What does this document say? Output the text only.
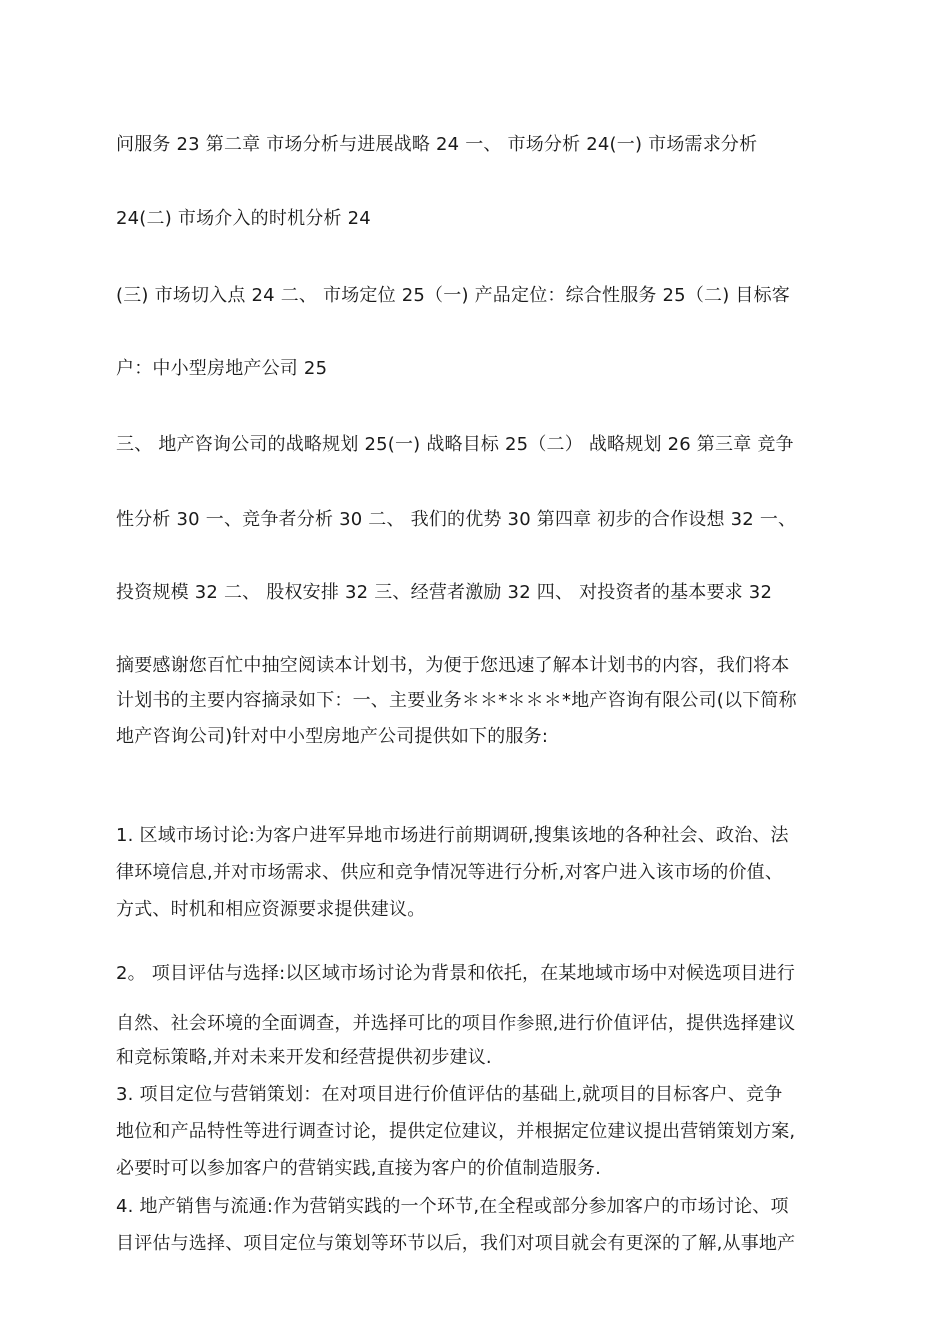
问服务 23 第二章 市场分析与进展战略 24 一、 市场分析 24(一) 市场需求分析
24(二) 市场介入的时机分析 24
(三) 市场切入点 24 二、 市场定位 25（一) 产品定位：综合性服务 25（二) 目标客
户：中小型房地产公司 25
三、 地产咨询公司的战略规划 25(一) 战略目标 25（二） 战略规划 26 第三章 竞争
性分析 30 一、竞争者分析 30 二、 我们的优势 30 第四章 初步的合作设想 32 一、
投资规模 32 二、 股权安排 32 三、经营者激励 32 四、 对投资者的基本要求 32
摘要感谢您百忙中抽空阅读本计划书，为便于您迅速了解本计划书的内容，我们将本
计划书的主要内容摘录如下：一、主要业务＊＊*＊＊＊*地产咨询有限公司(以下简称
地产咨询公司)针对中小型房地产公司提供如下的服务:
1. 区域市场讨论:为客户进军异地市场进行前期调研,搜集该地的各种社会、政治、法
律环境信息,并对市场需求、供应和竞争情况等进行分析,对客户进入该市场的价值、
方式、时机和相应资源要求提供建议。
2。 项目评估与选择:以区域市场讨论为背景和依托，在某地域市场中对候选项目进行
自然、社会环境的全面调查，并选择可比的项目作参照,进行价值评估，提供选择建议
和竞标策略,并对未来开发和经营提供初步建议.
3. 项目定位与营销策划：在对项目进行价值评估的基础上,就项目的目标客户、竞争
地位和产品特性等进行调查讨论，提供定位建议，并根据定位建议提出营销策划方案,
必要时可以参加客户的营销实践,直接为客户的价值制造服务.
4. 地产销售与流通:作为营销实践的一个环节,在全程或部分参加客户的市场讨论、项
目评估与选择、项目定位与策划等环节以后，我们对项目就会有更深的了解,从事地产
